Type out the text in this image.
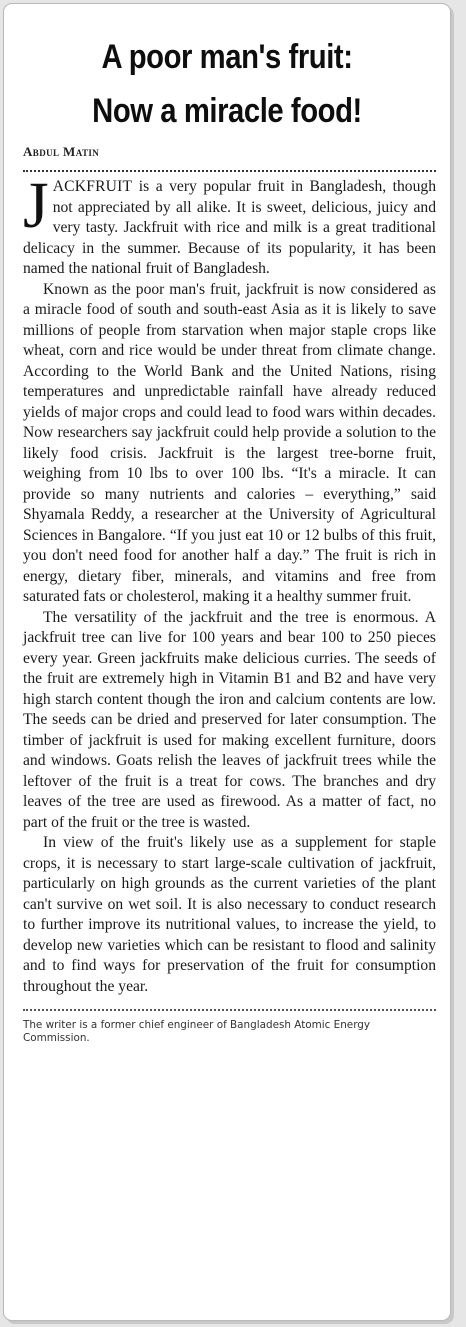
A poor man's fruit:
Now a miracle food!
Abdul Matin

JACKFRUIT is a very popular fruit in Bangladesh, though not appreciated by all alike. It is sweet, delicious, juicy and very tasty. Jackfruit with rice and milk is a great traditional delicacy in the summer. Because of its popularity, it has been named the national fruit of Bangladesh.

Known as the poor man's fruit, jackfruit is now considered as a miracle food of south and south-east Asia as it is likely to save millions of people from starvation when major staple crops like wheat, corn and rice would be under threat from climate change. According to the World Bank and the United Nations, rising temperatures and unpredictable rainfall have already reduced yields of major crops and could lead to food wars within decades. Now researchers say jackfruit could help provide a solution to the likely food crisis. Jackfruit is the largest tree-borne fruit, weighing from 10 lbs to over 100 lbs. “It's a miracle. It can provide so many nutrients and calories – everything,” said Shyamala Reddy, a researcher at the University of Agricultural Sciences in Bangalore. “If you just eat 10 or 12 bulbs of this fruit, you don't need food for another half a day.” The fruit is rich in energy, dietary fiber, minerals, and vitamins and free from saturated fats or cholesterol, making it a healthy summer fruit.

The versatility of the jackfruit and the tree is enormous. A jackfruit tree can live for 100 years and bear 100 to 250 pieces every year. Green jackfruits make delicious curries. The seeds of the fruit are extremely high in Vitamin B1 and B2 and have very high starch content though the iron and calcium contents are low. The seeds can be dried and preserved for later consumption. The timber of jackfruit is used for making excellent furniture, doors and windows. Goats relish the leaves of jackfruit trees while the leftover of the fruit is a treat for cows. The branches and dry leaves of the tree are used as firewood. As a matter of fact, no part of the fruit or the tree is wasted.

In view of the fruit's likely use as a supplement for staple crops, it is necessary to start large-scale cultivation of jackfruit, particularly on high grounds as the current varieties of the plant can't survive on wet soil. It is also necessary to conduct research to further improve its nutritional values, to increase the yield, to develop new varieties which can be resistant to flood and salinity and to find ways for preservation of the fruit for consumption throughout the year.

The writer is a former chief engineer of Bangladesh Atomic Energy Commission.
